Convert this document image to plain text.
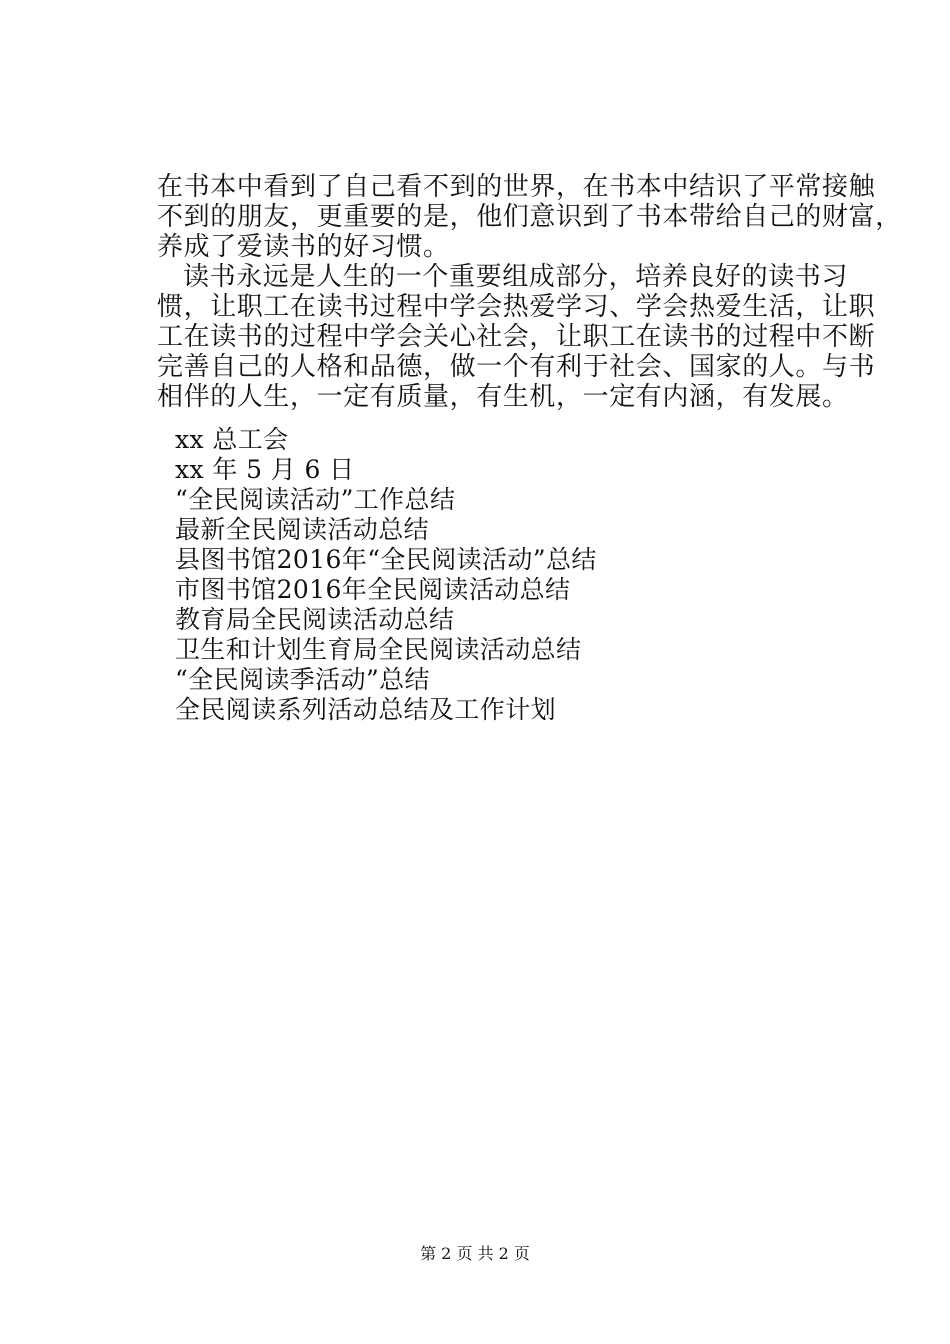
在书本中看到了自己看不到的世界，在书本中结识了平常接触
不到的朋友，更重要的是，他们意识到了书本带给自己的财富，
养成了爱读书的好习惯。
读书永远是人生的一个重要组成部分，培养良好的读书习
惯，让职工在读书过程中学会热爱学习、学会热爱生活，让职
工在读书的过程中学会关心社会，让职工在读书的过程中不断
完善自己的人格和品德，做一个有利于社会、国家的人。与书
相伴的人生，一定有质量，有生机，一定有内涵，有发展。
xx 总工会
xx 年 5 月 6 日
“全民阅读活动”工作总结
最新全民阅读活动总结
县图书馆2016年“全民阅读活动”总结
市图书馆2016年全民阅读活动总结
教育局全民阅读活动总结
卫生和计划生育局全民阅读活动总结
“全民阅读季活动”总结
全民阅读系列活动总结及工作计划
第 2 页 共 2 页
